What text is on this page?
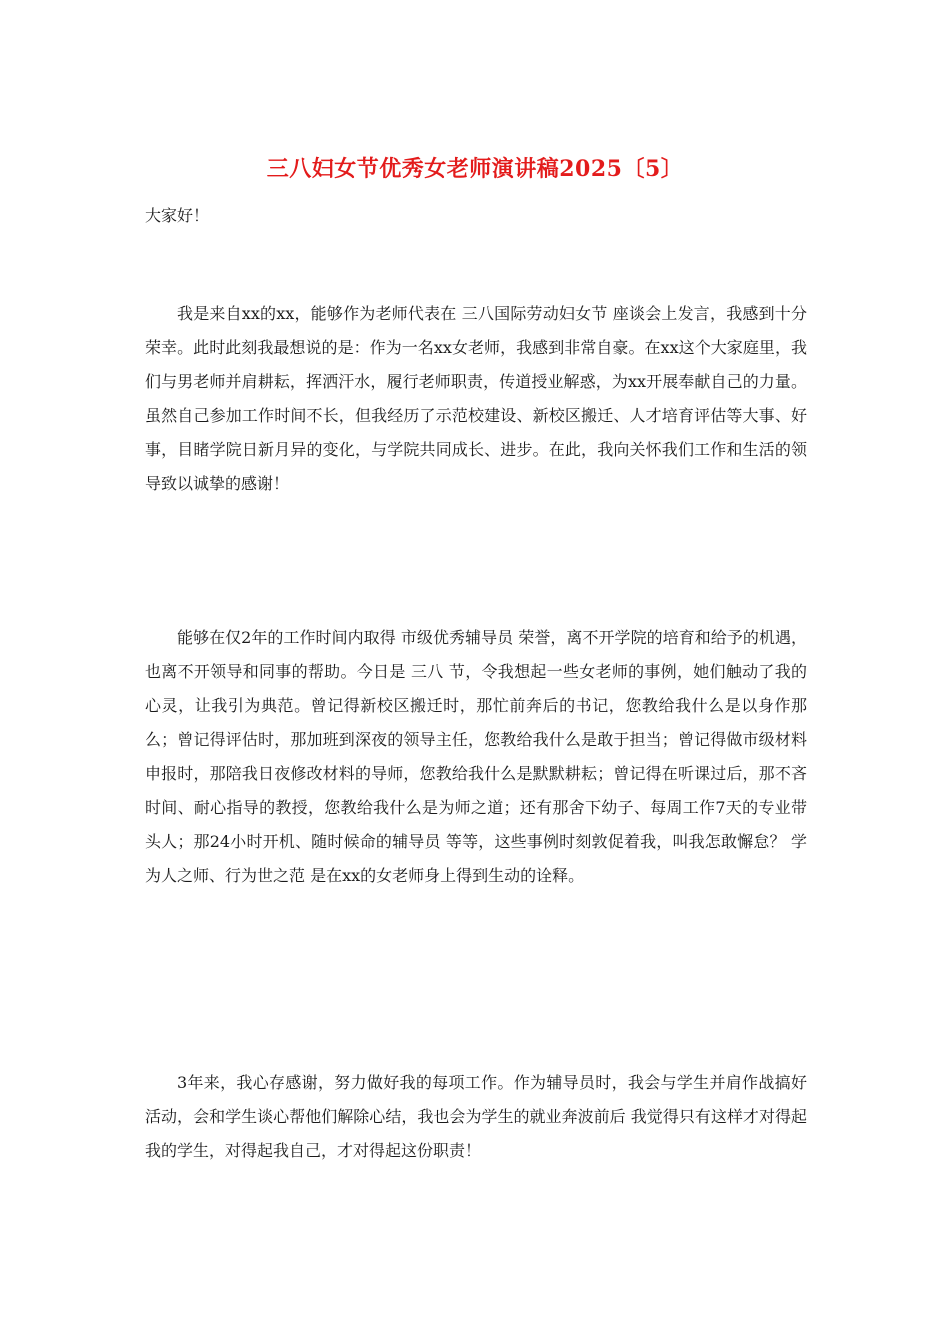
三八妇女节优秀女老师演讲稿2025〔5〕

大家好！

我是来自xx的xx，能够作为老师代表在 三八国际劳动妇女节 座谈会上发言，我感到十分荣幸。此时此刻我最想说的是：作为一名xx女老师，我感到非常自豪。在xx这个大家庭里，我们与男老师并肩耕耘，挥洒汗水，履行老师职责，传道授业解惑，为xx开展奉献自己的力量。虽然自己参加工作时间不长，但我经历了示范校建设、新校区搬迁、人才培育评估等大事、好事，目睹学院日新月异的变化，与学院共同成长、进步。在此，我向关怀我们工作和生活的领导致以诚挚的感谢！

能够在仅2年的工作时间内取得 市级优秀辅导员 荣誉，离不开学院的培育和给予的机遇，也离不开领导和同事的帮助。今日是 三八 节，令我想起一些女老师的事例，她们触动了我的心灵，让我引为典范。曾记得新校区搬迁时，那忙前奔后的书记，您教给我什么是以身作那么；曾记得评估时，那加班到深夜的领导主任，您教给我什么是敢于担当；曾记得做市级材料申报时，那陪我日夜修改材料的导师，您教给我什么是默默耕耘；曾记得在听课过后，那不吝时间、耐心指导的教授，您教给我什么是为师之道；还有那舍下幼子、每周工作7天的专业带头人；那24小时开机、随时候命的辅导员 等等，这些事例时刻敦促着我，叫我怎敢懈怠？ 学为人之师、行为世之范 是在xx的女老师身上得到生动的诠释。

3年来，我心存感谢，努力做好我的每项工作。作为辅导员时，我会与学生并肩作战搞好活动，会和学生谈心帮他们解除心结，我也会为学生的就业奔波前后 我觉得只有这样才对得起我的学生，对得起我自己，才对得起这份职责！
